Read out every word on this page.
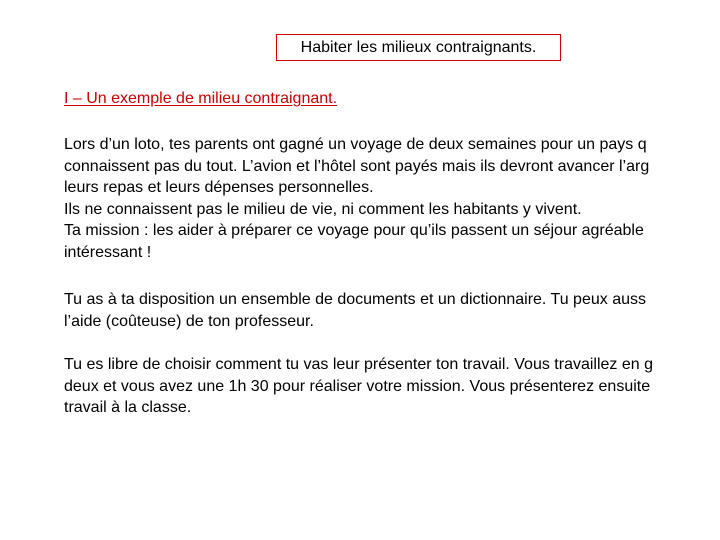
Habiter les milieux contraignants.
I – Un exemple de milieu contraignant.
Lors d’un loto, tes parents ont gagné un voyage de deux semaines pour un pays q
connaissent pas du tout. L’avion et l’hôtel sont payés mais ils devront avancer l’arg
leurs repas et leurs dépenses personnelles.
Ils ne connaissent pas le milieu de vie, ni comment les habitants y vivent.
Ta mission : les aider à préparer ce voyage pour qu’ils passent un séjour agréable
intéressant !
Tu as à ta disposition un ensemble de documents et un dictionnaire. Tu peux auss
l’aide (coûteuse) de ton professeur.
Tu es libre de choisir comment tu vas leur présenter ton travail. Vous travaillez en g
deux et vous avez une 1h 30 pour réaliser votre mission. Vous présenterez ensuite
travail à la classe.
